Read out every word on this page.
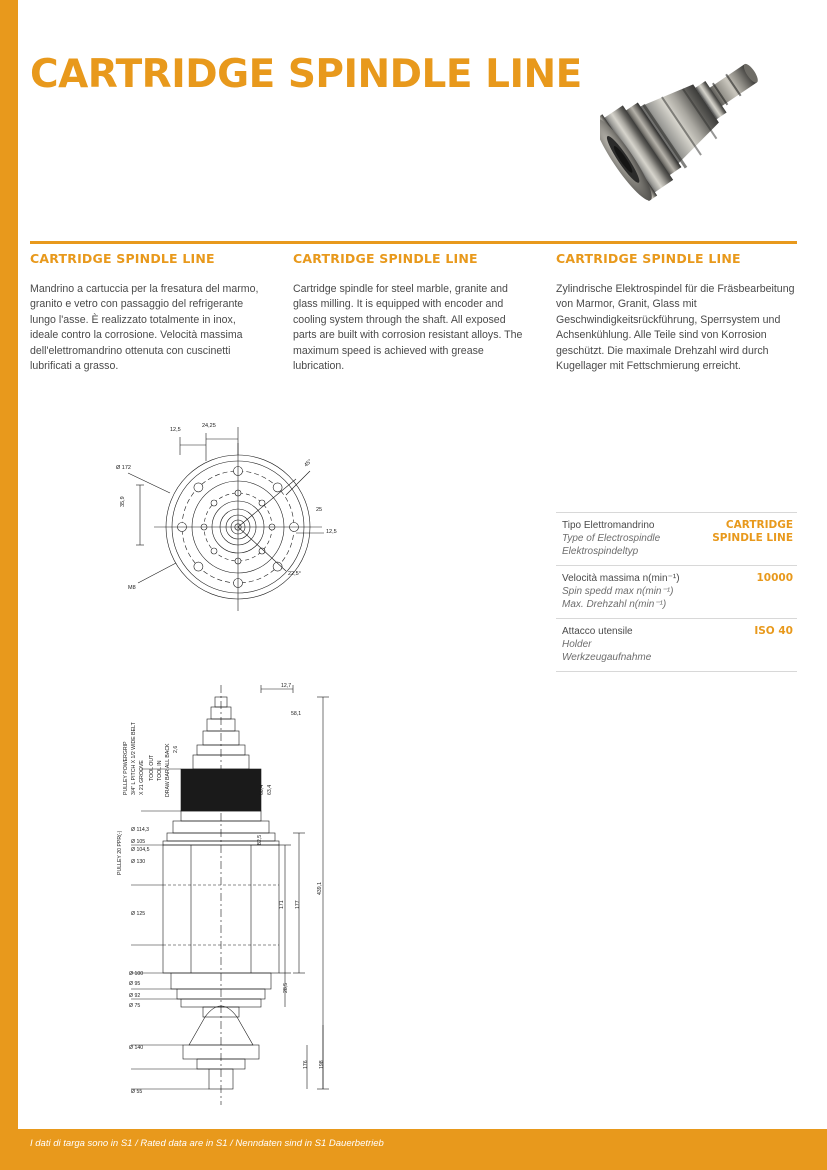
CARTRIDGE SPINDLE LINE
CARTRIDGE SPINDLE LINE
Mandrino a cartuccia per la fresatura del marmo, granito e vetro con passaggio del refrigerante lungo l'asse. È realizzato totalmente in inox, ideale contro la corrosione. Velocità massima dell'elettromandrino ottenuta con cuscinetti lubrificati a grasso.
CARTRIDGE SPINDLE LINE
Cartridge spindle for steel marble, granite and glass milling. It is equipped with encoder and cooling system through the shaft. All exposed parts are built with corrosion resistant alloys. The maximum speed is achieved with grease lubrication.
CARTRIDGE SPINDLE LINE
Zylindrische Elektrospindel für die Fräsbearbeitung von Marmor, Granit, Glass mit Geschwindigkeitsrückführung, Sperrsystem und Achsenkühlung. Alle Teile sind von Korrosion geschützt. Die maximale Drehzahl wird durch Kugellager mit Fettschmierung erreicht.
12,5
24,25
Ø 172
35,9
M8
45°
22,5°
12,5
25
PULLEY POWERGRIP 3/4" L PITCH X 1/2 WIDE BELT X 21 GROOVE TOOL OUT TOOL IN DRAW BAR ALL BACK
PULLEY 20 PPR(-)
Ø 114,3
Ø 105
Ø 130
Ø 104,5
Ø 125
Ø 100
Ø 95
Ø 92
Ø 75
Ø 140
Ø 55
12,7
58,1
2,6
171 177
439,1
28,5
176 198
82,5
60,4 63,4
Tipo Elettromandrino
Type of Electrospindle
Elektrospindeltyp
CARTRIDGE SPINDLE LINE
Velocità massima n(min⁻¹)
Spin spedd max n(min⁻¹)
Max. Drehzahl n(min⁻¹)
10000
Attacco utensile
Holder
Werkzeugaufnahme
ISO 40
I dati di targa sono in S1 / Rated data are in S1 / Nenndaten sind in S1 Dauerbetrieb
